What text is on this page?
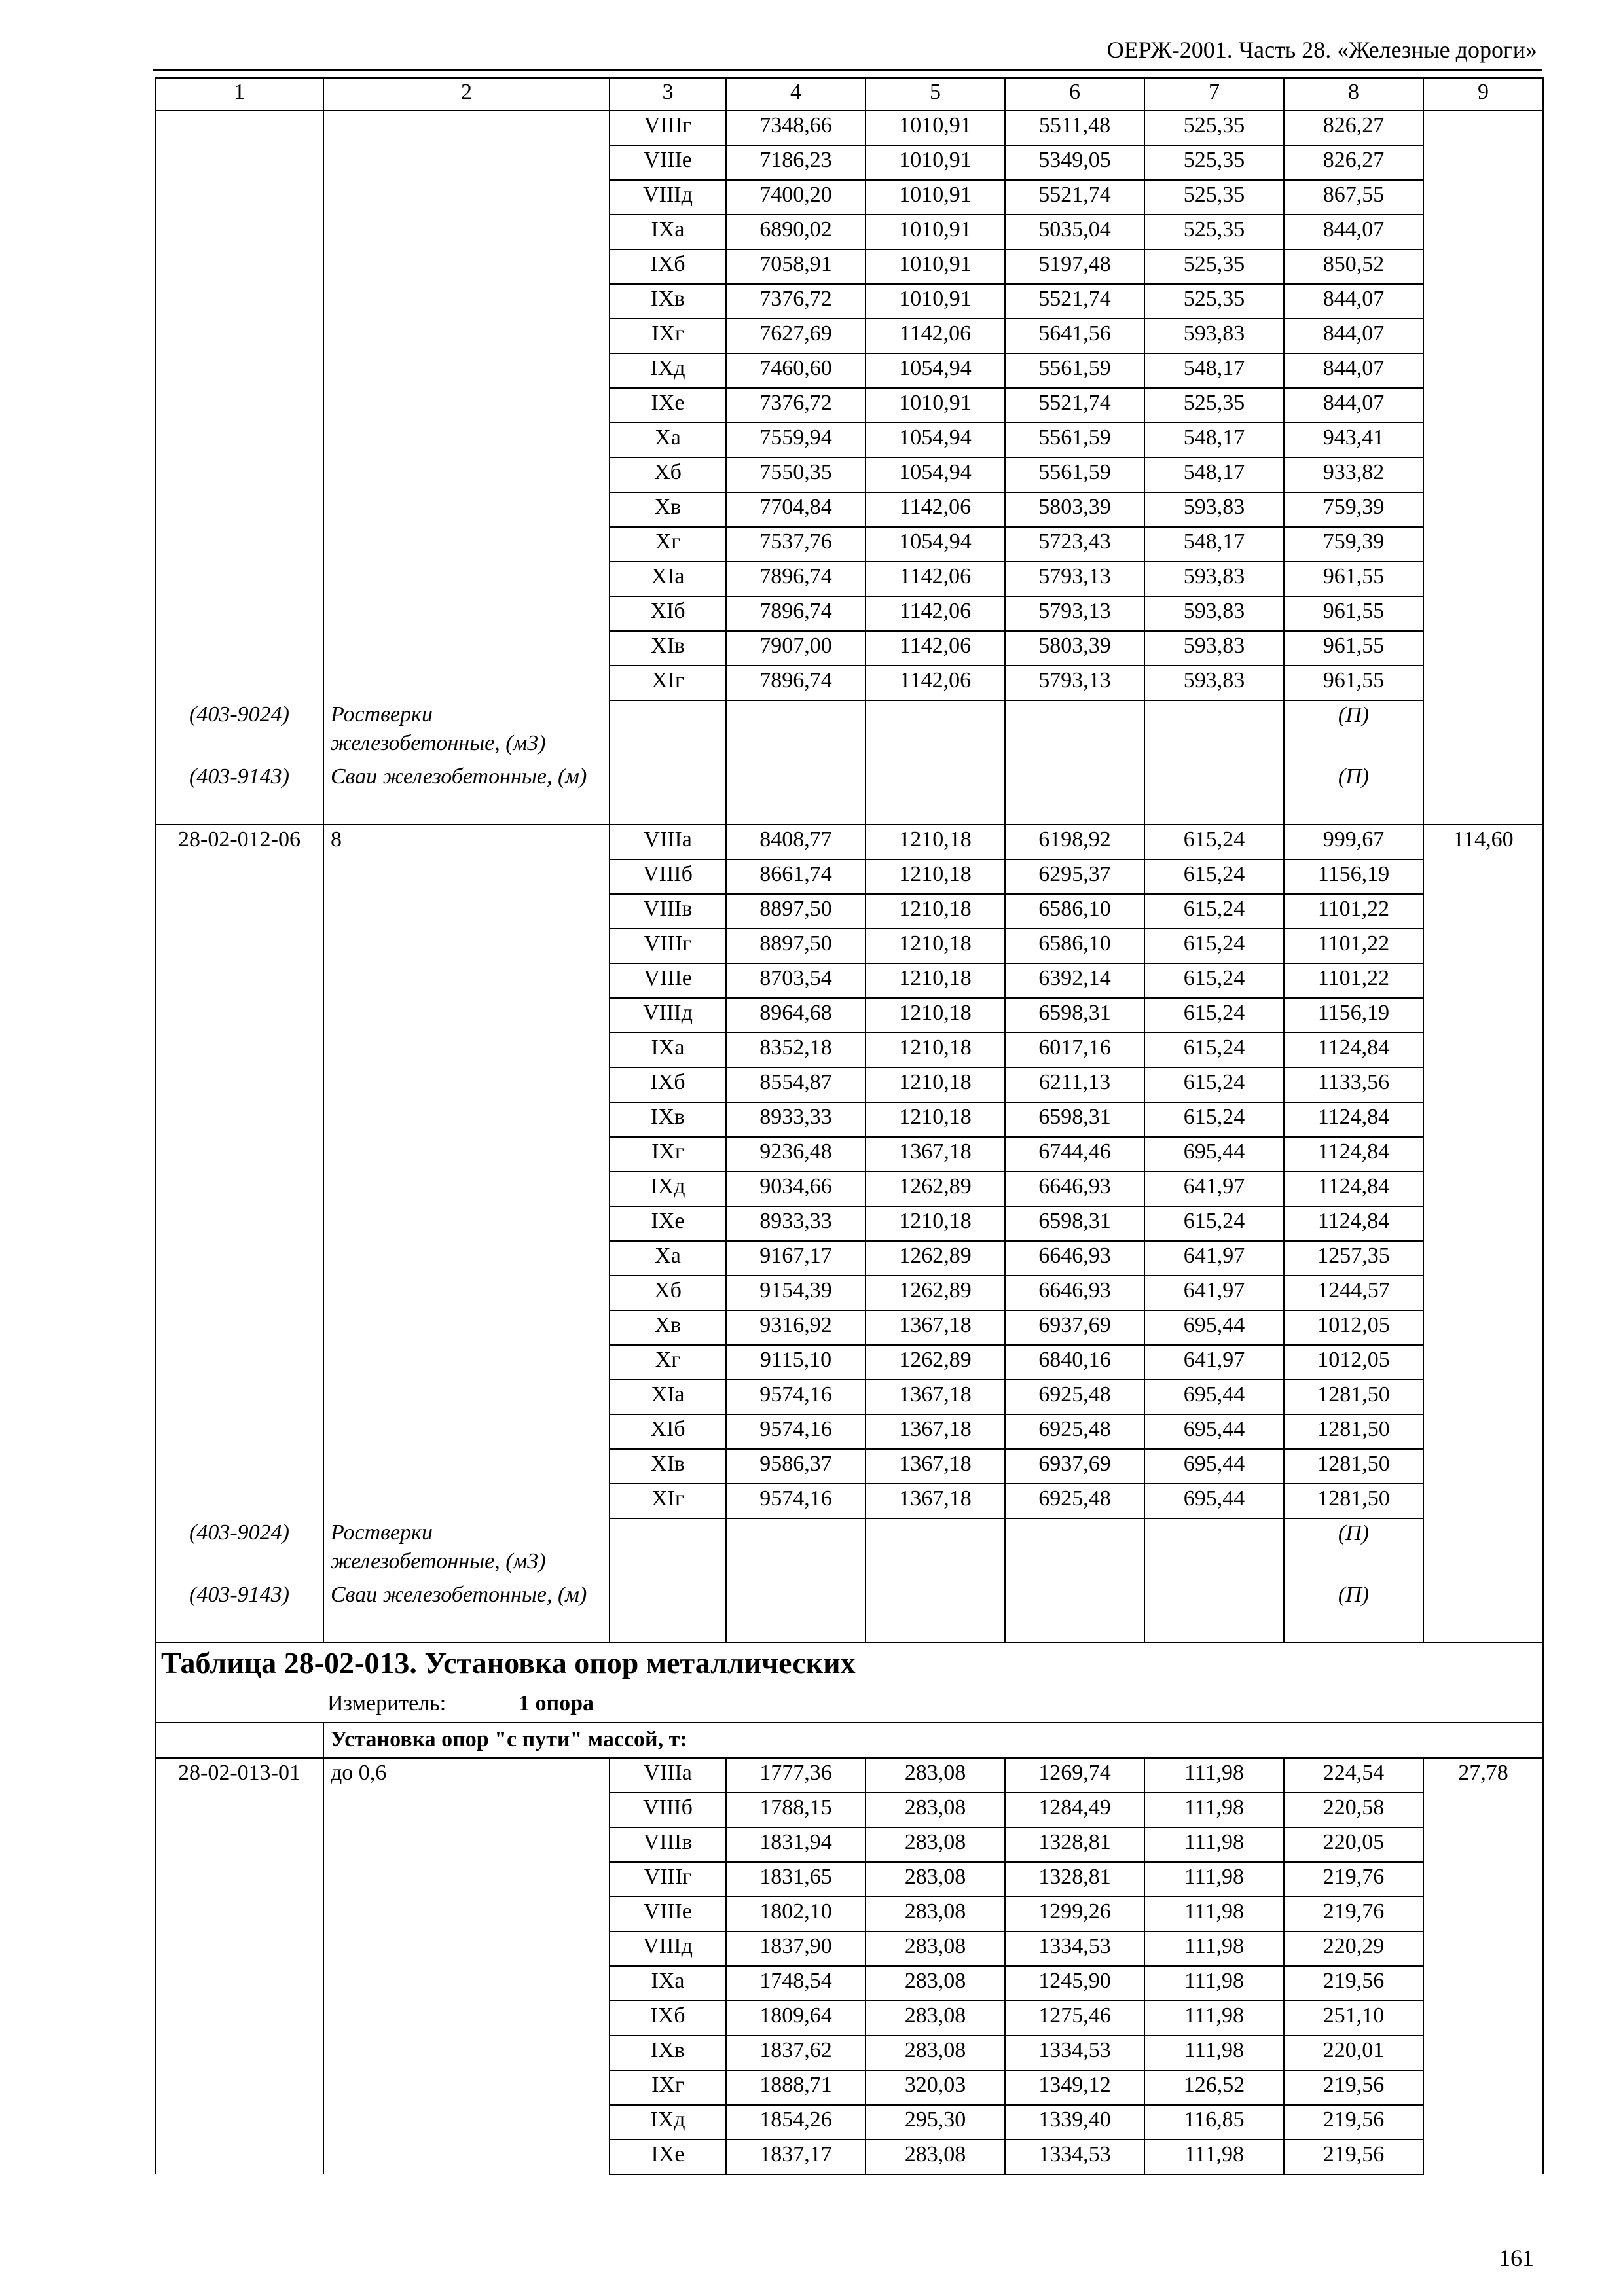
ОЕРЖ-2001. Часть 28. «Железные дороги»
1	2	3	4	5	6	7	8	9
		VIIIг	7348,66	1010,91	5511,48	525,35	826,27	
		VIIIе	7186,23	1010,91	5349,05	525,35	826,27	
		VIIIд	7400,20	1010,91	5521,74	525,35	867,55	
		IXа	6890,02	1010,91	5035,04	525,35	844,07	
		IXб	7058,91	1010,91	5197,48	525,35	850,52	
		IXв	7376,72	1010,91	5521,74	525,35	844,07	
		IXг	7627,69	1142,06	5641,56	593,83	844,07	
		IXд	7460,60	1054,94	5561,59	548,17	844,07	
		IXе	7376,72	1010,91	5521,74	525,35	844,07	
		Xа	7559,94	1054,94	5561,59	548,17	943,41	
		Xб	7550,35	1054,94	5561,59	548,17	933,82	
		Xв	7704,84	1142,06	5803,39	593,83	759,39	
		Xг	7537,76	1054,94	5723,43	548,17	759,39	
		XIа	7896,74	1142,06	5793,13	593,83	961,55	
		XIб	7896,74	1142,06	5793,13	593,83	961,55	
		XIв	7907,00	1142,06	5803,39	593,83	961,55	
		XIг	7896,74	1142,06	5793,13	593,83	961,55	
(403-9024)	Ростверки железобетонные, (м3)						(П)	
(403-9143)	Сваи железобетонные, (м)						(П)	
28-02-012-06	8	VIIIа	8408,77	1210,18	6198,92	615,24	999,67	114,60
		VIIIб	8661,74	1210,18	6295,37	615,24	1156,19	
		VIIIв	8897,50	1210,18	6586,10	615,24	1101,22	
		VIIIг	8897,50	1210,18	6586,10	615,24	1101,22	
		VIIIе	8703,54	1210,18	6392,14	615,24	1101,22	
		VIIIд	8964,68	1210,18	6598,31	615,24	1156,19	
		IXа	8352,18	1210,18	6017,16	615,24	1124,84	
		IXб	8554,87	1210,18	6211,13	615,24	1133,56	
		IXв	8933,33	1210,18	6598,31	615,24	1124,84	
		IXг	9236,48	1367,18	6744,46	695,44	1124,84	
		IXд	9034,66	1262,89	6646,93	641,97	1124,84	
		IXе	8933,33	1210,18	6598,31	615,24	1124,84	
		Xа	9167,17	1262,89	6646,93	641,97	1257,35	
		Xб	9154,39	1262,89	6646,93	641,97	1244,57	
		Xв	9316,92	1367,18	6937,69	695,44	1012,05	
		Xг	9115,10	1262,89	6840,16	641,97	1012,05	
		XIа	9574,16	1367,18	6925,48	695,44	1281,50	
		XIб	9574,16	1367,18	6925,48	695,44	1281,50	
		XIв	9586,37	1367,18	6937,69	695,44	1281,50	
		XIг	9574,16	1367,18	6925,48	695,44	1281,50	
(403-9024)	Ростверки железобетонные, (м3)						(П)	
(403-9143)	Сваи железобетонные, (м)						(П)	
Таблица 28-02-013. Установка опор металлических								
	Измеритель: 1 опора							
	Установка опор "с пути" массой, т:							
28-02-013-01	до 0,6	VIIIа	1777,36	283,08	1269,74	111,98	224,54	27,78
		VIIIб	1788,15	283,08	1284,49	111,98	220,58	
		VIIIв	1831,94	283,08	1328,81	111,98	220,05	
		VIIIг	1831,65	283,08	1328,81	111,98	219,76	
		VIIIе	1802,10	283,08	1299,26	111,98	219,76	
		VIIIд	1837,90	283,08	1334,53	111,98	220,29	
		IXа	1748,54	283,08	1245,90	111,98	219,56	
		IXб	1809,64	283,08	1275,46	111,98	251,10	
		IXв	1837,62	283,08	1334,53	111,98	220,01	
		IXг	1888,71	320,03	1349,12	126,52	219,56	
		IXд	1854,26	295,30	1339,40	116,85	219,56	
		IXе	1837,17	283,08	1334,53	111,98	219,56	
161
